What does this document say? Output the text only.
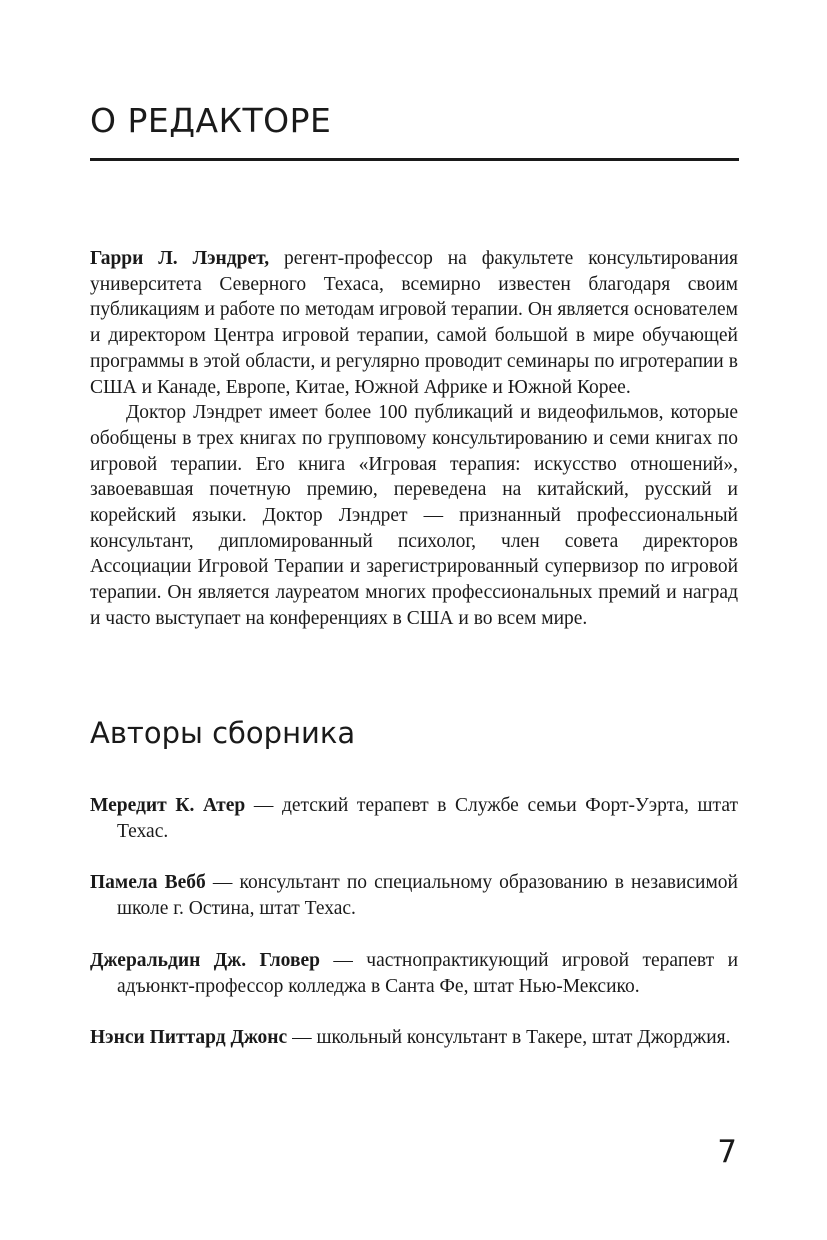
О РЕДАКТОРЕ

Гарри Л. Лэндрет, регент-профессор на факультете консультирования университета Северного Техаса, всемирно известен благодаря своим публикациям и работе по методам игровой терапии. Он является основателем и директором Центра игровой терапии, самой большой в мире обучающей программы в этой области, и регулярно проводит семинары по игротерапии в США и Канаде, Европе, Китае, Южной Африке и Южной Корее.

Доктор Лэндрет имеет более 100 публикаций и видеофильмов, которые обобщены в трех книгах по групповому консультированию и семи книгах по игровой терапии. Его книга «Игровая терапия: искусство отношений», завоевавшая почетную премию, переведена на китайский, русский и корейский языки. Доктор Лэндрет — признанный профессиональный консультант, дипломированный психолог, член совета директоров Ассоциации Игровой Терапии и зарегистрированный супервизор по игровой терапии. Он является лауреатом многих профессиональных премий и наград и часто выступает на конференциях в США и во всем мире.

Авторы сборника

Мередит К. Атер — детский терапевт в Службе семьи Форт-Уэрта, штат Техас.

Памела Вебб — консультант по специальному образованию в независимой школе г. Остина, штат Техас.

Джеральдин Дж. Гловер — частнопрактикующий игровой терапевт и адъюнкт-профессор колледжа в Санта Фе, штат Нью-Мексико.

Нэнси Питтард Джонс — школьный консультант в Такере, штат Джорджия.

7
